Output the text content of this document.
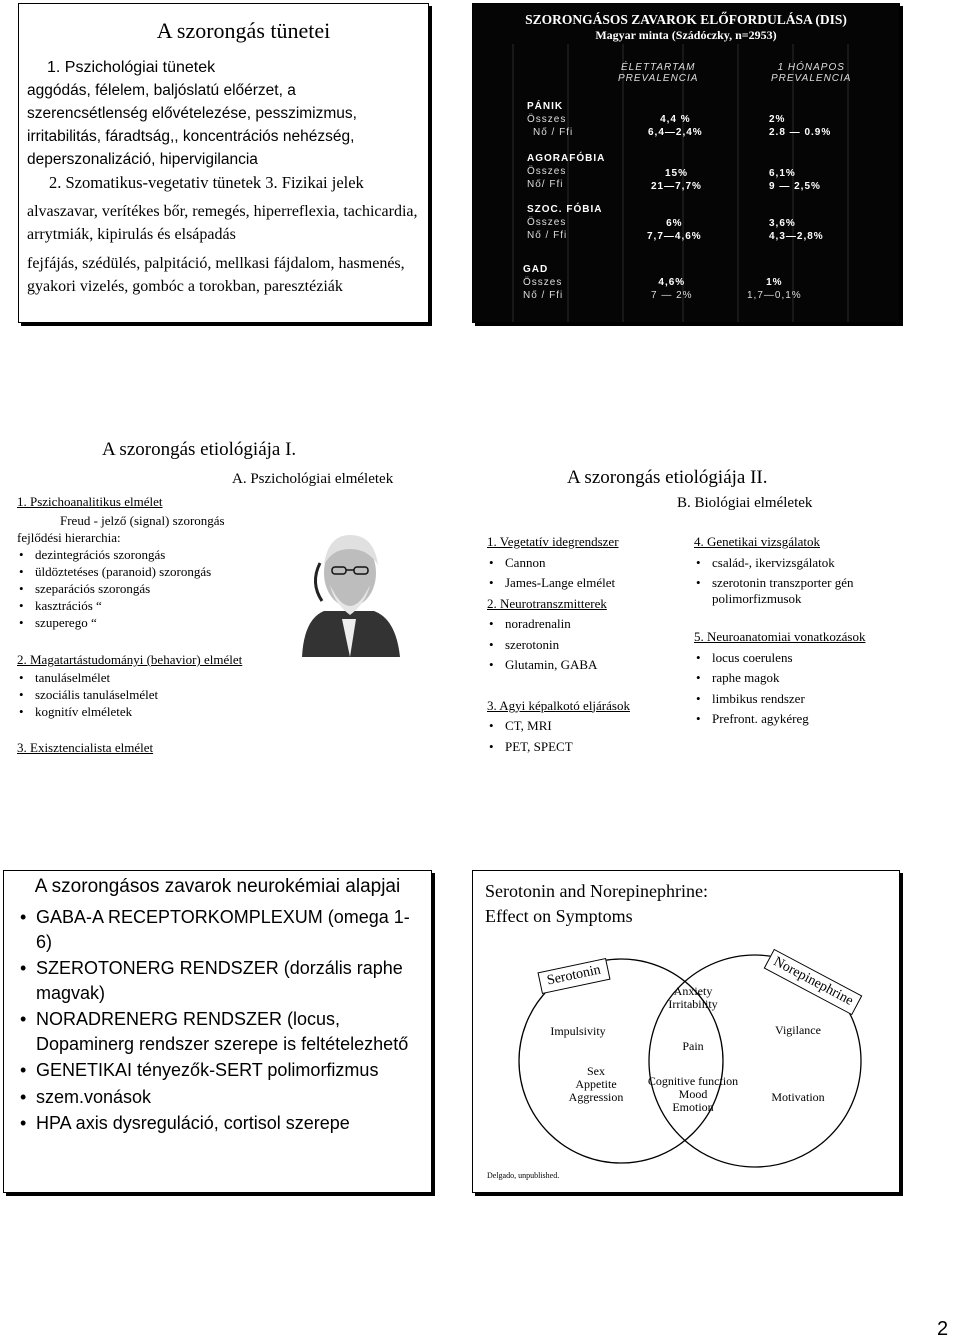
A szorongás tünetei
1. Pszichológiai tünetek
aggódás, félelem, baljóslatú előérzet, a szerencsétlenség elővételezése, pesszimizmus, irritabilitás, fáradtság,, koncentrációs nehézség, deperszonalizáció, hipervigilancia
2. Szomatikus-vegetativ tünetek 3. Fizikai jelek
alvaszavar, verítékes bőr, remegés, hiperreflexia, tachicardia, arrytmiák, kipirulás és elsápadás
fejfájás, szédülés, palpitáció, mellkasi fájdalom, hasmenés, gyakori vizelés, gombóc a torokban, paresztéziák
SZORONGÁSOS ZAVAROK ELŐFORDULÁSA (DIS)
Magyar minta (Szádóczky, n=2953)
ÉLETTARTAM
PREVALENCIA
1 HÓNAPOS
PREVALENCIA
PÁNIK
Összes
Nő / Ffi
4,4 %
6,4—2,4%
2%
2.8 — 0.9%
AGORAFÓBIA
Összes
Nő/ Ffi
15%
21—7,7%
6,1%
9 — 2,5%
SZOC. FÓBIA
Összes
Nő / Ffi
6%
7,7—4,6%
3,6%
4,3—2,8%
GAD
Összes
Nő / Ffi
4,6%
7 — 2%
1%
1,7—0,1%
A szorongás etiológiája I.
A. Pszichológiai elméletek
1. Pszichoanalitikus elmélet
Freud - jelző (signal) szorongás
fejlődési hierarchia:
• dezintegrációs szorongás
• üldöztetéses (paranoid) szorongás
• szeparációs szorongás
• kasztrációs “
• szuperego “
2. Magatartástudományi (behavior) elmélet
• tanuláselmélet
• szociális tanuláselmélet
• kognitív elméletek
3. Exisztencialista elmélet
A szorongás etiológiája II.
B. Biológiai elméletek
1. Vegetatív idegrendszer
• Cannon
• James-Lange elmélet
2. Neurotranszmitterek
• noradrenalin
• szerotonin
• Glutamin, GABA
3. Agyi képalkotó eljárások
• CT, MRI
• PET, SPECT
4. Genetikai vizsgálatok
• család-, ikervizsgálatok
• szerotonin transzporter gén polimorfizmusok
5. Neuroanatomiai vonatkozások
• locus coerulens
• raphe magok
• limbikus rendszer
• Prefront. agykéreg
A szorongásos zavarok neurokémiai alapjai
• GABA-A RECEPTORKOMPLEXUM (omega 1-6)
• SZEROTONERG RENDSZER (dorzális raphe magvak)
• NORADRENERG RENDSZER (locus, Dopaminerg rendszer szerepe is feltételezhető
• GENETIKAI tényezők-SERT polimorfizmus
• szem.vonások
• HPA axis dysreguláció, cortisol szerepe
Serotonin and Norepinephrine:
Effect on Symptoms
Serotonin	Norepinephrine
Impulsivity
Sex
Appetite
Aggression
Anxiety
Irritability
Pain
Cognitive function
Mood
Emotion
Vigilance
Motivation
Delgado, unpublished.
2
